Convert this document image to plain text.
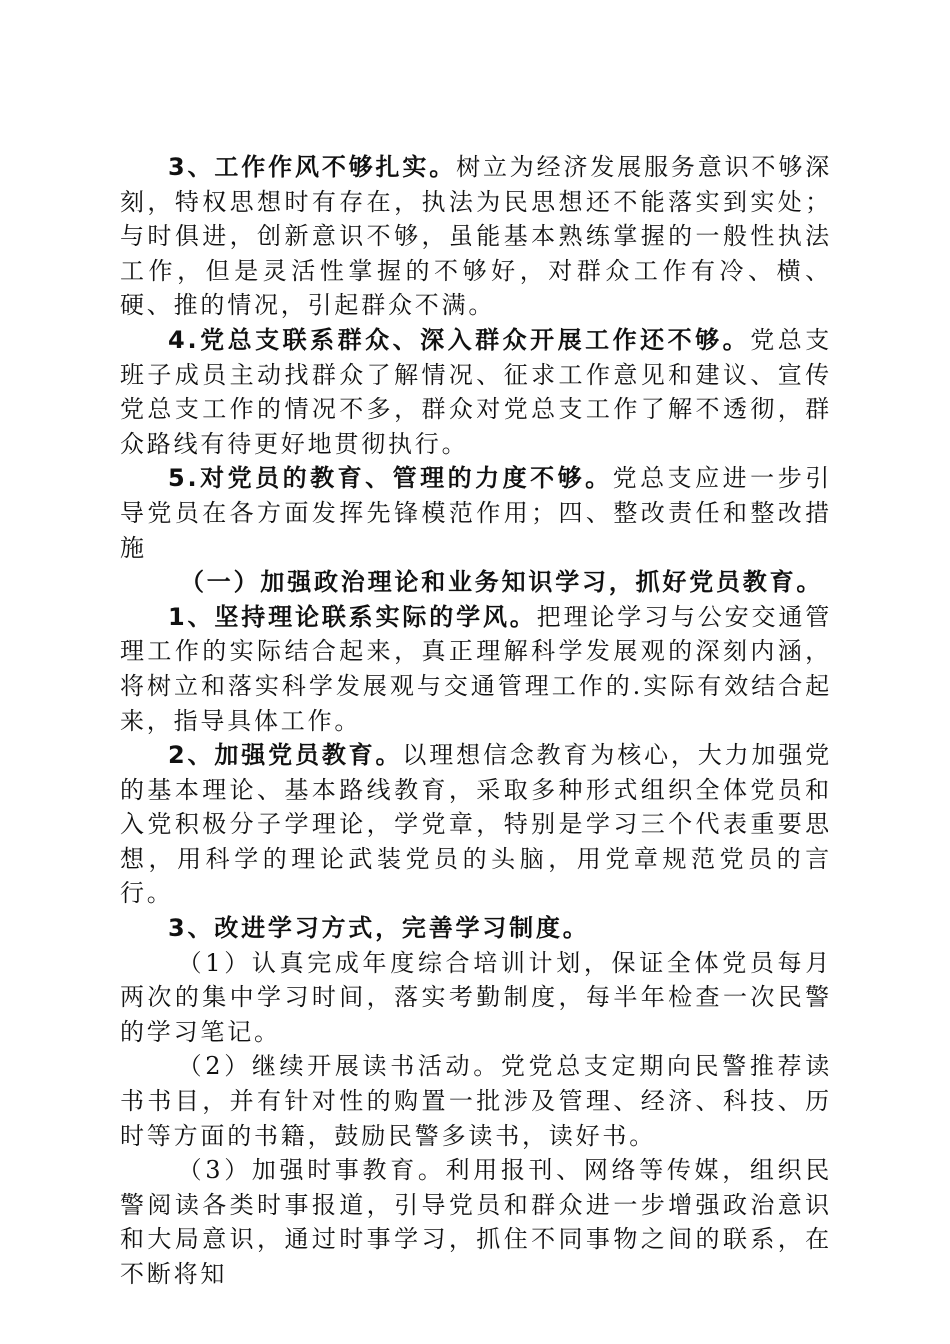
3、工作作风不够扎实。树立为经济发展服务意识不够深刻，特权思想时有存在，执法为民思想还不能落实到实处；与时俱进，创新意识不够，虽能基本熟练掌握的一般性执法工作，但是灵活性掌握的不够好，对群众工作有冷、横、硬、推的情况，引起群众不满。

4.党总支联系群众、深入群众开展工作还不够。党总支班子成员主动找群众了解情况、征求工作意见和建议、宣传党总支工作的情况不多，群众对党总支工作了解不透彻，群众路线有待更好地贯彻执行。

5.对党员的教育、管理的力度不够。党总支应进一步引导党员在各方面发挥先锋模范作用；四、整改责任和整改措施

（一）加强政治理论和业务知识学习，抓好党员教育。

1、坚持理论联系实际的学风。把理论学习与公安交通管理工作的实际结合起来，真正理解科学发展观的深刻内涵，将树立和落实科学发展观与交通管理工作的.实际有效结合起来，指导具体工作。

2、加强党员教育。以理想信念教育为核心，大力加强党的基本理论、基本路线教育，采取多种形式组织全体党员和入党积极分子学理论，学党章，特别是学习三个代表重要思想，用科学的理论武装党员的头脑，用党章规范党员的言行。

3、改进学习方式，完善学习制度。

（1）认真完成年度综合培训计划，保证全体党员每月两次的集中学习时间，落实考勤制度，每半年检查一次民警的学习笔记。

（2）继续开展读书活动。党党总支定期向民警推荐读书书目，并有针对性的购置一批涉及管理、经济、科技、历时等方面的书籍，鼓励民警多读书，读好书。

（3）加强时事教育。利用报刊、网络等传媒，组织民警阅读各类时事报道，引导党员和群众进一步增强政治意识和大局意识，通过时事学习，抓住不同事物之间的联系，在不断将知
